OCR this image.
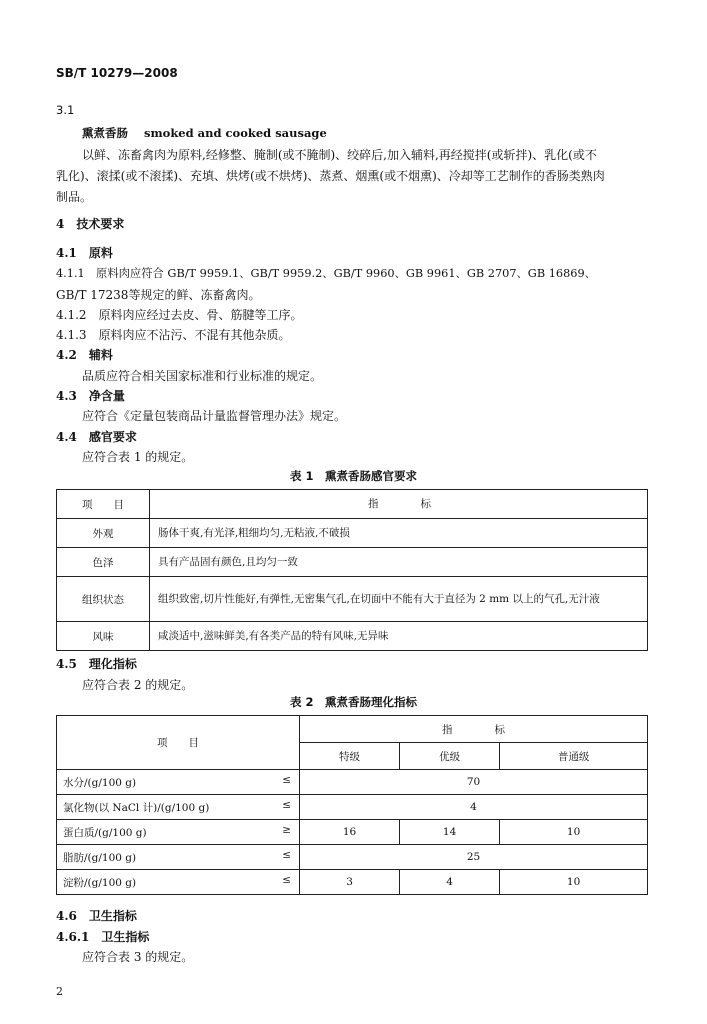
SB/T 10279—2008
3.1
熏煮香肠 smoked and cooked sausage
以鲜、冻畜禽肉为原料,经修整、腌制(或不腌制)、绞碎后,加入辅料,再经搅拌(或斩拌)、乳化(或不
乳化)、滚揉(或不滚揉)、充填、烘烤(或不烘烤)、蒸煮、烟熏(或不烟熏)、冷却等工艺制作的香肠类熟肉
制品。
4　技术要求
4.1　原料
4.1.1　原料肉应符合 GB/T 9959.1、GB/T 9959.2、GB/T 9960、GB 9961、GB 2707、GB 16869、
GB/T 17238等规定的鲜、冻畜禽肉。
4.1.2　原料肉应经过去皮、骨、筋腱等工序。
4.1.3　原料肉应不沾污、不混有其他杂质。
4.2　辅料
品质应符合相关国家标准和行业标准的规定。
4.3　净含量
应符合《定量包装商品计量监督管理办法》规定。
4.4　感官要求
应符合表 1 的规定。
表 1　熏煮香肠感官要求
项　　目	指　　　　标
外观	肠体干爽,有光泽,粗细均匀,无粘液,不破损
色泽	具有产品固有颜色,且均匀一致
组织状态	组织致密,切片性能好,有弹性,无密集气孔,在切面中不能有大于直径为 2 mm 以上的气孔,无汁液
风味	咸淡适中,滋味鲜美,有各类产品的特有风味,无异味
4.5　理化指标
应符合表 2 的规定。
表 2　熏煮香肠理化指标
项　　目	指　　　　标		
	特级	优级	普通级
水分/(g/100 g) ≤	70		
氯化物(以 NaCl 计)/(g/100 g) ≤	4		
蛋白质/(g/100 g) ≥	16	14	10
脂肪/(g/100 g) ≤	25		
淀粉/(g/100 g) ≤	3	4	10
4.6　卫生指标
4.6.1　卫生指标
应符合表 3 的规定。
2
